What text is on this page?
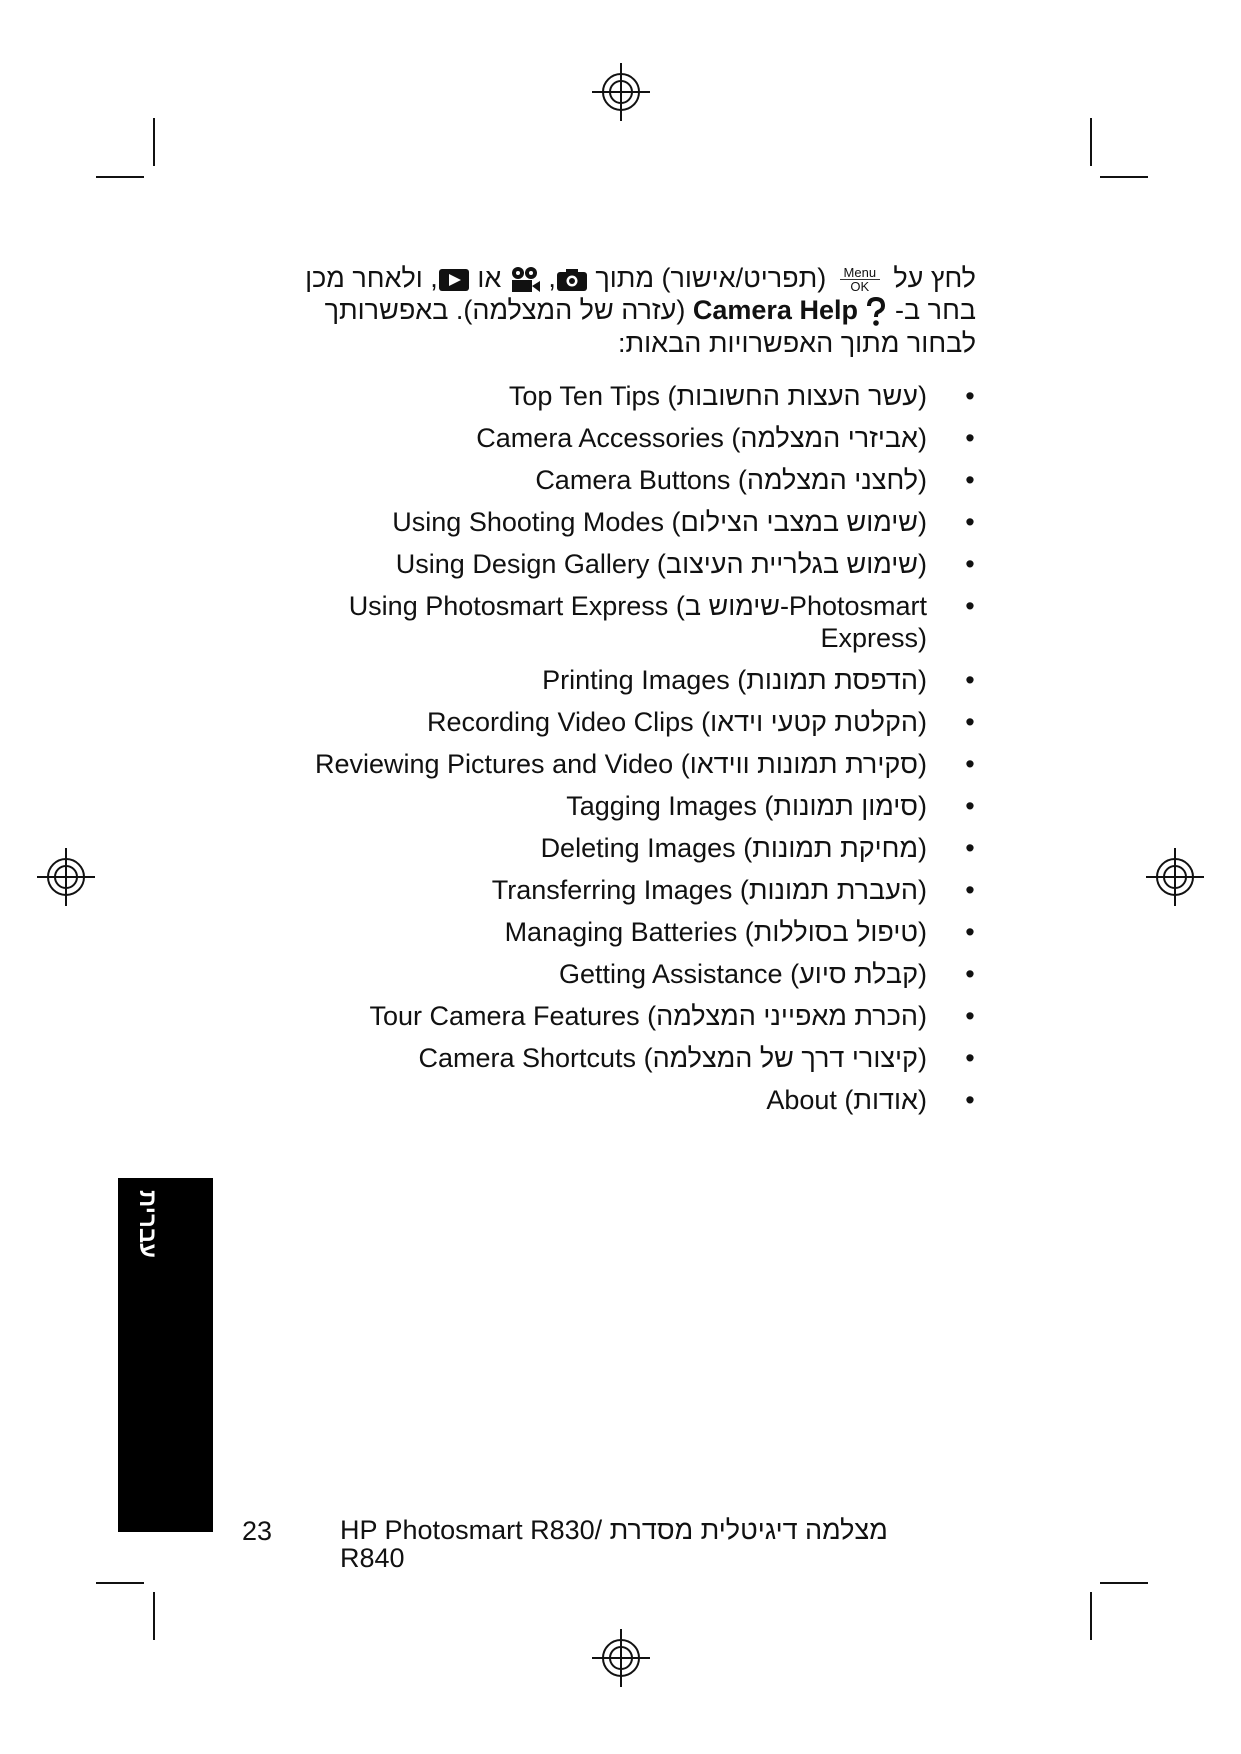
לחץ על
Menu
OK (תפריט/אישור) מתוך ,  או , ולאחר מכן בחר ב-  Camera Help (עזרה של המצלמה). באפשרותך לבחור מתוך האפשרויות הבאות:
•
Top Ten Tips (עשר העצות החשובות)
•
Camera Accessories (אביזרי המצלמה)
•
Camera Buttons (לחצני המצלמה)
•
Using Shooting Modes (שימוש במצבי הצילום)
•
Using Design Gallery (שימוש בגלריית העיצוב)
•
Using Photosmart Express (שימוש ב-Photosmart Express)
•
Printing Images (הדפסת תמונות)
•
Recording Video Clips (הקלטת קטעי וידאו)
•
Reviewing Pictures and Video (סקירת תמונות ווידאו)
•
Tagging Images (סימון תמונות)
•
Deleting Images (מחיקת תמונות)
•
Transferring Images (העברת תמונות)
•
Managing Batteries (טיפול בסוללות)
•
Getting Assistance (קבלת סיוע)
•
Tour Camera Features (הכרת מאפייני המצלמה)
•
Camera Shortcuts (קיצורי דרך של המצלמה)
•
About (אודות)
עברית
23	HP Photosmart R830/ מצלמה דיגיטלית מסדרת R840
